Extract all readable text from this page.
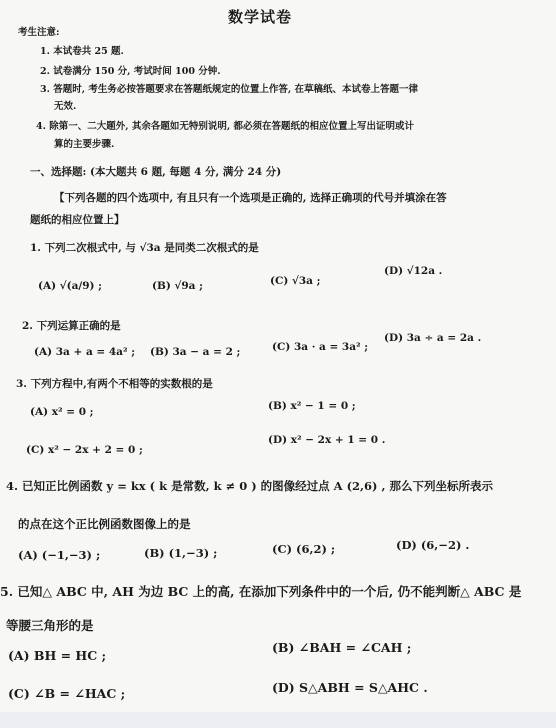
数学试卷
考生注意:
1. 本试卷共 25 题.
2. 试卷满分 150 分, 考试时间 100 分钟.
3. 答题时, 考生务必按答题要求在答题纸规定的位置上作答, 在草稿纸、本试卷上答题一律
无效.
4. 除第一、二大题外, 其余各题如无特别说明, 都必须在答题纸的相应位置上写出证明或计
算的主要步骤.
一、选择题: (本大题共 6 题, 每题 4 分, 满分 24 分)
【下列各题的四个选项中, 有且只有一个选项是正确的, 选择正确项的代号并填涂在答
题纸的相应位置上】
1. 下列二次根式中, 与 √3a 是同类二次根式的是
(A) √(a/9) ;	(B) √9a ;	(C) √3a ;
(D) √12a .
2. 下列运算正确的是
(A) 3a + a = 4a² ; (B) 3a − a = 2 ;	(C) 3a · a = 3a² ;
(D) 3a ÷ a = 2a .
3. 下列方程中,有两个不相等的实数根的是
(A) x² = 0 ;	(B) x² − 1 = 0 ;
(C) x² − 2x + 2 = 0 ;
(D) x² − 2x + 1 = 0 .
4. 已知正比例函数 y = kx ( k 是常数, k ≠ 0 ) 的图像经过点 A (2,6) , 那么下列坐标所表示
的点在这个正比例函数图像上的是
(A) (−1,−3) ;	(B) (1,−3) ;	(C) (6,2) ;	(D) (6,−2) .
5. 已知△ ABC 中, AH 为边 BC 上的高, 在添加下列条件中的一个后, 仍不能判断△ ABC 是
等腰三角形的是
(A) BH = HC ;
(B) ∠BAH = ∠CAH ;
(C) ∠B = ∠HAC ;	(D) S△ABH = S△AHC .
